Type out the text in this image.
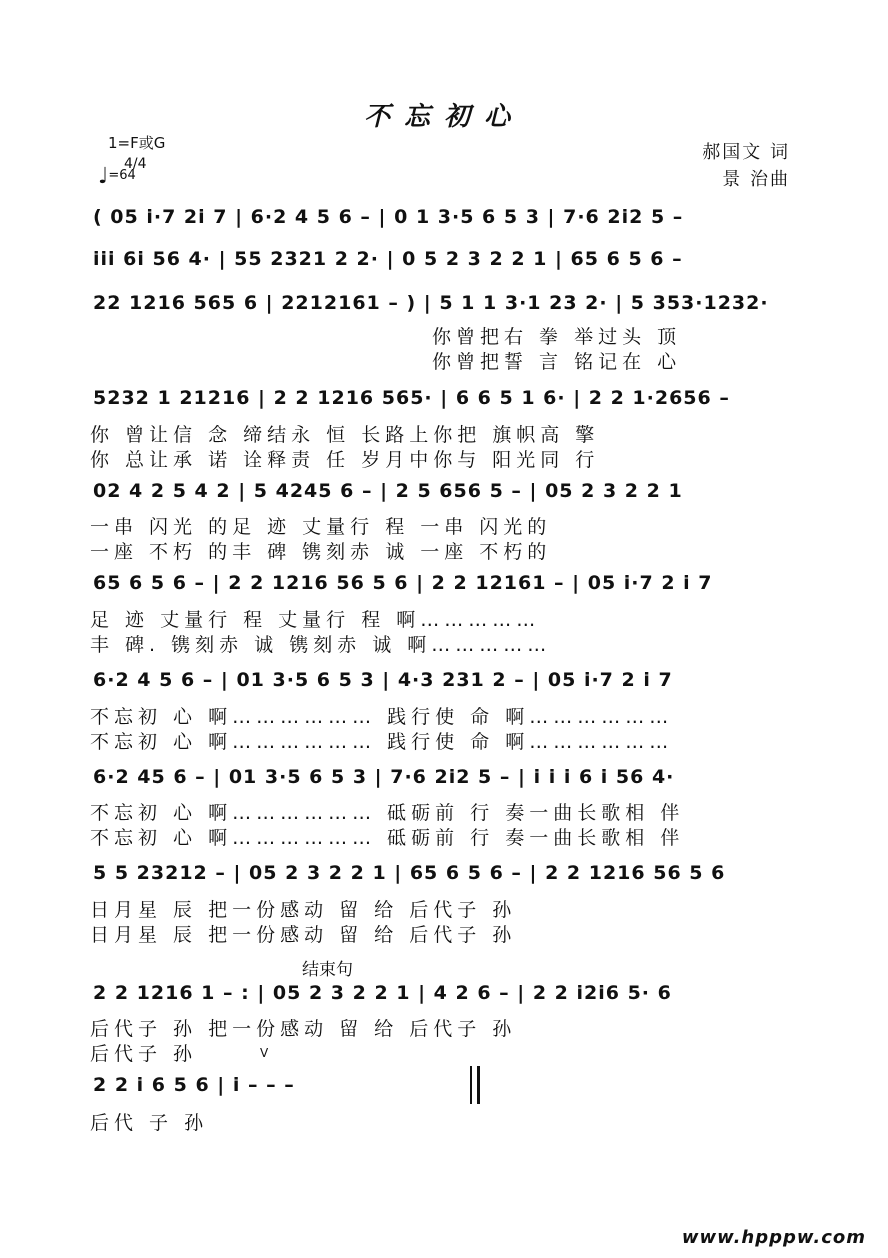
不忘初心
1=F或G
4/4
♩=64
郝国文 词
景 治曲
( 05 i·7 2i 7 | 6·2 4 5 6 – | 0 1 3·5 6 5 3 | 7·6 2i2 5 –
iii 6i 56 4· | 55 2321 2 2· | 0 5 2 3 2 2 1 | 65 6 5 6 –
22 1216 565 6 | 2212161 – ) | 5 1 1 3·1 23 2· | 5 353·1232·
你曾把右 拳 举过头 顶
你曾把誓 言 铭记在 心
5232 1 21216 | 2 2 1216 565· | 6 6 5 1 6· | 2 2 1·2656 –
你 曾让信 念 缔结永 恒 长路上你把 旗帜高 擎
你 总让承 诺 诠释责 任 岁月中你与 阳光同 行
02 4 2 5 4 2 | 5 4245 6 – | 2 5 656 5 – | 05 2 3 2 2 1
一串 闪光 的足 迹 丈量行 程 一串 闪光的
一座 不朽 的丰 碑 镌刻赤 诚 一座 不朽的
65 6 5 6 – | 2 2 1216 56 5 6 | 2 2 12161 – | 05 i·7 2 i 7
足 迹 丈量行 程 丈量行 程 啊……………
丰 碑. 镌刻赤 诚 镌刻赤 诚 啊……………
6·2 4 5 6 – | 01 3·5 6 5 3 | 4·3 231 2 – | 05 i·7 2 i 7
不忘初 心 啊……………… 践行使 命 啊………………
不忘初 心 啊……………… 践行使 命 啊………………
6·2 45 6 – | 01 3·5 6 5 3 | 7·6 2i2 5 – | i i i 6 i 56 4·
不忘初 心 啊……………… 砥砺前 行 奏一曲长歌相 伴
不忘初 心 啊……………… 砥砺前 行 奏一曲长歌相 伴
5 5 23212 – | 05 2 3 2 2 1 | 65 6 5 6 – | 2 2 1216 56 5 6
日月星 辰 把一份感动 留 给 后代子 孙
日月星 辰 把一份感动 留 给 后代子 孙
结束句
2 2 1216 1 – : | 05 2 3 2 2 1 | 4 2 6 – | 2 2 i2i6 5· 6
后代子 孙 把一份感动 留 给 后代子 孙
后代子 孙	V
2 2 i 6 5 6 | i – – –
后代 子 孙
www.hpppw.com
